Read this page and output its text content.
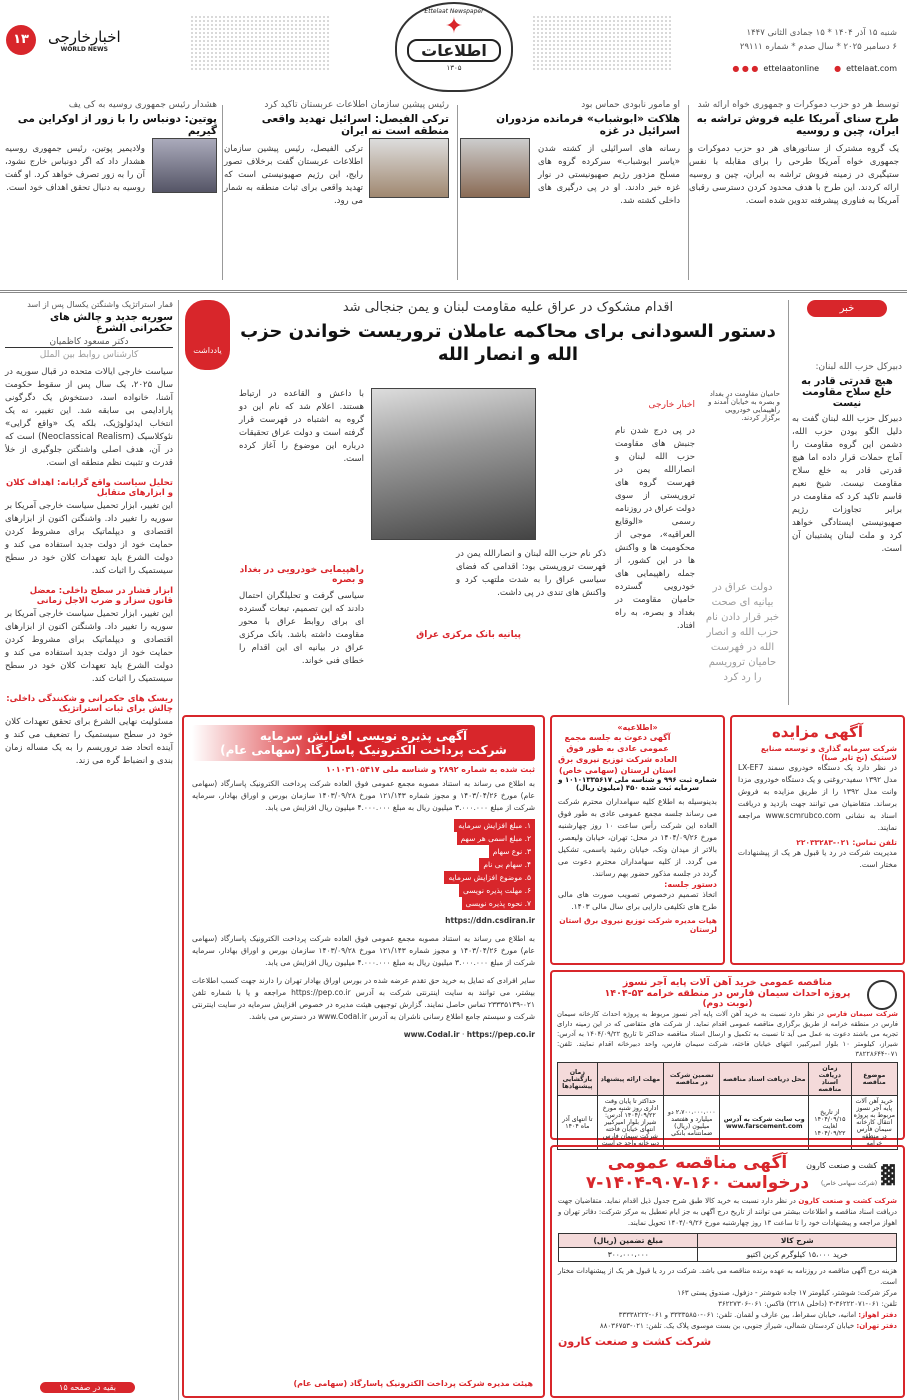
شنبه ۱۵ آذر ۱۴۰۴ * ۱۵ جمادی الثانی ۱۴۴۷
۶ دسامبر ۲۰۲۵ * سال صدم * شماره ۲۹۱۱۱
● ● ● ettelaatonline ● ettelaat.com
Ettelaat Newspaper
✦
اطلاعات
۱۳۰۵
اخبارخارجی
WORLD NEWS
۱۳
توسط هر دو حزب دموکرات و جمهوری خواه ارائه شد
طرح سنای آمریکا علیه فروش تراشه به ایران، چین و روسیه
یک گروه مشترک از سناتورهای هر دو حزب دموکرات و جمهوری خواه آمریکا طرحی را برای مقابله با نفس ستیگیری در زمینه فروش تراشه به ایران، چین و روسیه ارائه کردند. این طرح با هدف محدود کردن دسترسی رقبای آمریکا به فناوری پیشرفته تدوین شده است.
او مامور نابودی حماس بود
هلاکت «ابوشباب» فرمانده مزدوران اسرائیل در غزه
رسانه های اسرائیلی از کشته شدن «یاسر ابوشباب» سرکرده گروه های مسلح مزدور رژیم صهیونیستی در نوار غزه خبر دادند. او در پی درگیری های داخلی کشته شد.
رئیس پیشین سازمان اطلاعات عربستان تاکید کرد
ترکی الفیصل: اسرائیل تهدید واقعی منطقه است نه ایران
ترکی الفیصل، رئیس پیشین سازمان اطلاعات عربستان گفت برخلاف تصور رایج، این رژیم صهیونیستی است که تهدید واقعی برای ثبات منطقه به شمار می رود.
هشدار رئیس جمهوری روسیه به کی یف
پوتین: دونباس را با زور از اوکراین می گیریم
ولادیمیر پوتین، رئیس جمهوری روسیه هشدار داد که اگر دونباس خارج نشود، آن را به زور تصرف خواهد کرد. او گفت روسیه به دنبال تحقق اهداف خود است.
خبر
دبیرکل حزب الله لبنان:
هیچ قدرتی قادر به خلع سلاح مقاومت نیست
دبیرکل حزب الله لبنان گفت به دلیل الگو بودن حزب الله، دشمن این گروه مقاومت را آماج حملات قرار داده اما هیچ قدرتی قادر به خلع سلاح مقاومت نیست. شیخ نعیم قاسم تاکید کرد که مقاومت در برابر تجاوزات رژیم صهیونیستی ایستادگی خواهد کرد و ملت لبنان پشتیبان آن است.
اقدام مشکوک در عراق علیه مقاومت لبنان و یمن جنجالی شد
دستور السودانی برای محاکمه عاملان تروریست خواندن حزب الله و انصار الله
حامیان مقاومت در بغداد و بصره به خیابان آمدند و راهپیمایی خودرویی برگزار کردند.
اخبار خارجی
در پی درج شدن نام جنبش های مقاومت حزب الله لبنان و انصارالله یمن در فهرست گروه های تروریستی از سوی دولت عراق در روزنامه رسمی «الوقایع العراقیه»، موجی از محکومیت ها و واکنش ها در این کشور، از جمله راهپیمایی های خودرویی گسترده حامیان مقاومت در بغداد و بصره، به راه افتاد.
دولت عراق در بیانیه ای صحت خبر قرار دادن نام حزب الله و انصار الله در فهرست حامیان تروریسم را رد کرد
با داعش و القاعده در ارتباط هستند. اعلام شد که نام این دو گروه به اشتباه در فهرست قرار گرفته است و دولت عراق تحقیقات درباره این موضوع را آغاز کرده است.
ذکر نام حزب الله لبنان و انصارالله یمن در فهرست تروریستی بود: اقدامی که فضای سیاسی عراق را به شدت ملتهب کرد و واکنش های تندی در پی داشت.
پیانیه بانک مرکزی عراق
راهپیمایی خودرویی در بغداد و بصره
سیاسی گرفت و تحلیلگران احتمال دادند که این تصمیم، تبعات گسترده ای برای روابط عراق با محور مقاومت داشته باشد. بانک مرکزی عراق در بیانیه ای این اقدام را خطای فنی خواند.
قمار استراتژیک واشنگتن یکسال پس از اسد
سوریه جدید و چالش های حکمرانی الشرع
دکتر مسعود کاظمیان
کارشناس روابط بین الملل
سیاست خارجی ایالات متحده در قبال سوریه در سال ۲۰۲۵، یک سال پس از سقوط حکومت آشنا، خانواده اسد، دستخوش یک دگرگونی پارادایمی بی سابقه شد. این تغییر، نه یک انتخاب ایدئولوژیک، بلکه یک «واقع گرایی» نئوکلاسیک (Neoclassical Realism) است که در آن، هدف اصلی واشنگتن جلوگیری از خلأ قدرت و تثبیت نظم منطقه ای است.
تحلیل سیاست واقع گرایانه: اهداف کلان و ابزارهای متقابل
این تغییر، ابزار تحمیل سیاست خارجی آمریکا بر سوریه را تغییر داد. واشنگتن اکنون از ابزارهای اقتصادی و دیپلماتیک برای مشروط کردن حمایت خود از دولت جدید استفاده می کند و دولت الشرع باید تعهدات کلان خود در سطح سیستمیک را اثبات کند.
ابزار فشار در سطح داخلی: معضل قانون سزار و ضرب الاجل زمانی
این تغییر، ابزار تحمیل سیاست خارجی آمریکا بر سوریه را تغییر داد. واشنگتن اکنون از ابزارهای اقتصادی و دیپلماتیک برای مشروط کردن حمایت خود از دولت جدید استفاده می کند و دولت الشرع باید تعهدات کلان خود در سطح سیستمیک را اثبات کند.
ریسک های حکمرانی و شکنندگی داخلی: چالش برای ثبات استراتژیک
مسئولیت نهایی الشرع برای تحقق تعهدات کلان خود در سطح سیستمیک را تضعیف می کند و آینده اتحاد ضد تروریسم را به یک مساله زمان بندی و انضباط گره می زند.
یادداشت
بقیه در صفحه ۱۵
آگهی پذیره نویسی افزایش سرمایه
شرکت پرداخت الکترونیک پاسارگاد (سهامی عام)
ثبت شده به شماره ۲۸۹۲ و شناسه ملی ۱۰۱۰۳۱۰۵۴۱۷
به اطلاع می رساند به استناد مصوبه مجمع عمومی فوق العاده شرکت پرداخت الکترونیک پاسارگاد (سهامی عام) مورخ ۱۴۰۳/۰۴/۲۶ و مجوز شماره ۱۲۱/۱۴۳ مورخ ۱۴۰۳/۰۹/۲۸ سازمان بورس و اوراق بهادار، سرمایه شرکت از مبلغ ۳.۰۰۰.۰۰۰ میلیون ریال به مبلغ ۴.۰۰۰.۰۰۰ میلیون ریال افزایش می یابد.
۱. مبلغ افزایش سرمایه
۲. مبلغ اسمی هر سهم
۳. نوع سهام
۴. سهام بی نام
۵. موضوع افزایش سرمایه
۶. مهلت پذیره نویسی
۷. نحوه پذیره نویسی
https://ddn.csdiran.ir
به اطلاع می رساند به استناد مصوبه مجمع عمومی فوق العاده شرکت پرداخت الکترونیک پاسارگاد (سهامی عام) مورخ ۱۴۰۳/۰۴/۲۶ و مجوز شماره ۱۲۱/۱۴۳ مورخ ۱۴۰۳/۰۹/۲۸ سازمان بورس و اوراق بهادار، سرمایه شرکت از مبلغ ۳.۰۰۰.۰۰۰ میلیون ریال به مبلغ ۴.۰۰۰.۰۰۰ میلیون ریال افزایش می یابد.
سایر افرادی که تمایل به خرید حق تقدم عرضه شده در بورس اوراق بهادار تهران را دارند جهت کسب اطلاعات بیشتر، می توانند به سایت اینترنتی شرکت به آدرس https://pep.co.ir مراجعه و یا با شماره تلفن ۰۲۱-۲۳۳۳۵۱۳۹ تماس حاصل نمایند. گزارش توجیهی هیئت مدیره در خصوص افزایش سرمایه در سایت اینترنتی شرکت و سیستم جامع اطلاع رسانی ناشران به آدرس www.Codal.ir در دسترس می باشد.
https://pep.co.ir · www.Codal.ir
هیئت مدیره شرکت پرداخت الکترونیک پاسارگاد (سهامی عام)
«اطلاعیه»
آگهی دعوت به جلسه مجمع عمومی عادی به طور فوق العاده شرکت توزیع نیروی برق استان لرستان (سهامی خاص)
شماره ثبت ۹۹۶ و شناسه ملی ۱۰۱۰۱۳۳۵۶۱۷ و سرمایه ثبت شده ۴۵۰ (میلیون ریال)
بدینوسیله به اطلاع کلیه سهامداران محترم شرکت می رساند جلسه مجمع عمومی عادی به طور فوق العاده این شرکت رأس ساعت ۱۰ روز چهارشنبه مورخ ۱۴۰۴/۰۹/۲۶ در محل: تهران، خیابان ولیعصر، بالاتر از میدان ونک، خیابان رشید یاسمی، تشکیل می گردد. از کلیه سهامداران محترم دعوت می گردد در جلسه مذکور حضور بهم رسانند.
دستور جلسه:
اتخاذ تصمیم درخصوص تصویب صورت های مالی طرح های تکلیفی دارایی برای سال مالی ۱۴۰۳.
هیات مدیره شرکت توزیع نیروی برق استان لرستان
آگهی مزایده
شرکت سرمایه گذاری و توسعه صنایع لاستیک (نخ تایر صبا)
در نظر دارد یک دستگاه خودروی سمند LX-EF7 مدل ۱۳۹۲ سفید-روغنی و یک دستگاه خودروی مزدا وانت مدل ۱۳۹۲ را از طریق مزایده به فروش برساند. متقاضیان می توانند جهت بازدید و دریافت اسناد به نشانی www.scmrubco.com مراجعه نمایند.
تلفن تماس: ۰۲۱-۲۲۰۳۳۲۸۳
مدیریت شرکت در رد یا قبول هر یک از پیشنهادات مختار است.
مناقصه عمومی خرید آهن آلات پایه آجر نسوز
پروژه احداث سیمان فارس در منطقه خرامه ۵۳-۱۴۰۴
(نوبت دوم)
شرکت سیمان فارس در نظر دارد نسبت به خرید آهن آلات پایه آجر نسوز مربوط به پروژه احداث کارخانه سیمان فارس در منطقه خرامه از طریق برگزاری مناقصه عمومی اقدام نماید. از شرکت های متقاضی که در این زمینه دارای تجربه می باشند دعوت به عمل می آید تا نسبت به تکمیل و ارسال اسناد مناقصه حداکثر تا تاریخ ۱۴۰۴/۰۹/۲۲ به آدرس: شیراز، کیلومتر ۱۰ بلوار امیرکبیر، انتهای خیابان فاخته، شرکت سیمان فارس، واحد دبیرخانه اقدام نمایند. تلفن: ۰۷۱-۳۸۲۲۸۶۴۴
موضوع مناقصه	زمان دریافت اسناد مناقصه	محل دریافت اسناد مناقصه	تضمین شرکت در مناقصه	مهلت ارائه پیشنهاد	زمان بازگشایی پیشنهادها
خرید آهن آلات پایه آجر نسوز مربوط به پروژه انتقال کارخانه سیمان فارس در منطقه خرامه	از تاریخ ۱۴۰۴/۰۹/۱۵ لغایت ۱۴۰۴/۰۹/۲۲	وب سایت شرکت به آدرس www.farscement.com	۲،۷۰۰،۰۰۰،۰۰۰ دو میلیارد و هفتصد میلیون (ریال) ضمانتنامه بانکی	حداکثر تا پایان وقت اداری روز شنبه مورخ ۱۴۰۴/۰۹/۲۲ آدرس: شیراز بلوار امیرکبیر انتهای خیابان فاخته شرکت سیمان فارس دبیرخانه واحد حراست	تا انتهای آذر ماه ۱۴۰۴
▓
کشت و صنعت کارون
(شرکت سهامی خاص)
آگهی مناقصه عمومی
درخواست ۱۶۰-۹۰۷-۱۴۰۴-۷
شرکت کشت و صنعت کارون در نظر دارد نسبت به خرید کالا طبق شرح جدول ذیل اقدام نماید. متقاضیان جهت دریافت اسناد مناقصه و اطلاعات بیشتر می توانند از تاریخ درج آگهی به جز ایام تعطیل به مرکز شرکت: دفاتر تهران و اهواز مراجعه و پیشنهادات خود را تا ساعت ۱۳ روز چهارشنبه مورخ ۱۴۰۴/۰۹/۲۶ تحویل نمایند.
شرح کالا	مبلغ تضمین (ریال)
خرید ۱۵،۰۰۰ کیلوگرم کربن اکتیو	۳۰۰،۰۰۰،۰۰۰
هزینه درج آگهی مناقصه در روزنامه به عهده برنده مناقصه می باشد. شرکت در رد یا قبول هر یک از پیشنهادات مختار است.
مرکز شرکت: شوشتر، کیلومتر ۱۷ جاده شوشتر - دزفول، صندوق پستی ۱۶۳
تلفن: ۰۶۱-۳۶۲۲۲۰۷۱-۳ (داخلی ۲۲۱۸) فاکس: ۰۶۱-۳۶۲۲۷۳۰۶
دفتر اهواز: امانیه، خیابان سقراط، بین عارف و لقمان. تلفن: ۰۶۱-۳۳۳۳۵۸۵۰ و ۰۶۱-۳۳۳۳۸۲۲۲
دفتر تهران: خیابان کردستان شمالی، شیراز جنوبی، بن بست موسوی پلاک یک. تلفن: ۰۲۱-۸۸۰۳۶۷۵۳
شرکت کشت و صنعت کارون
